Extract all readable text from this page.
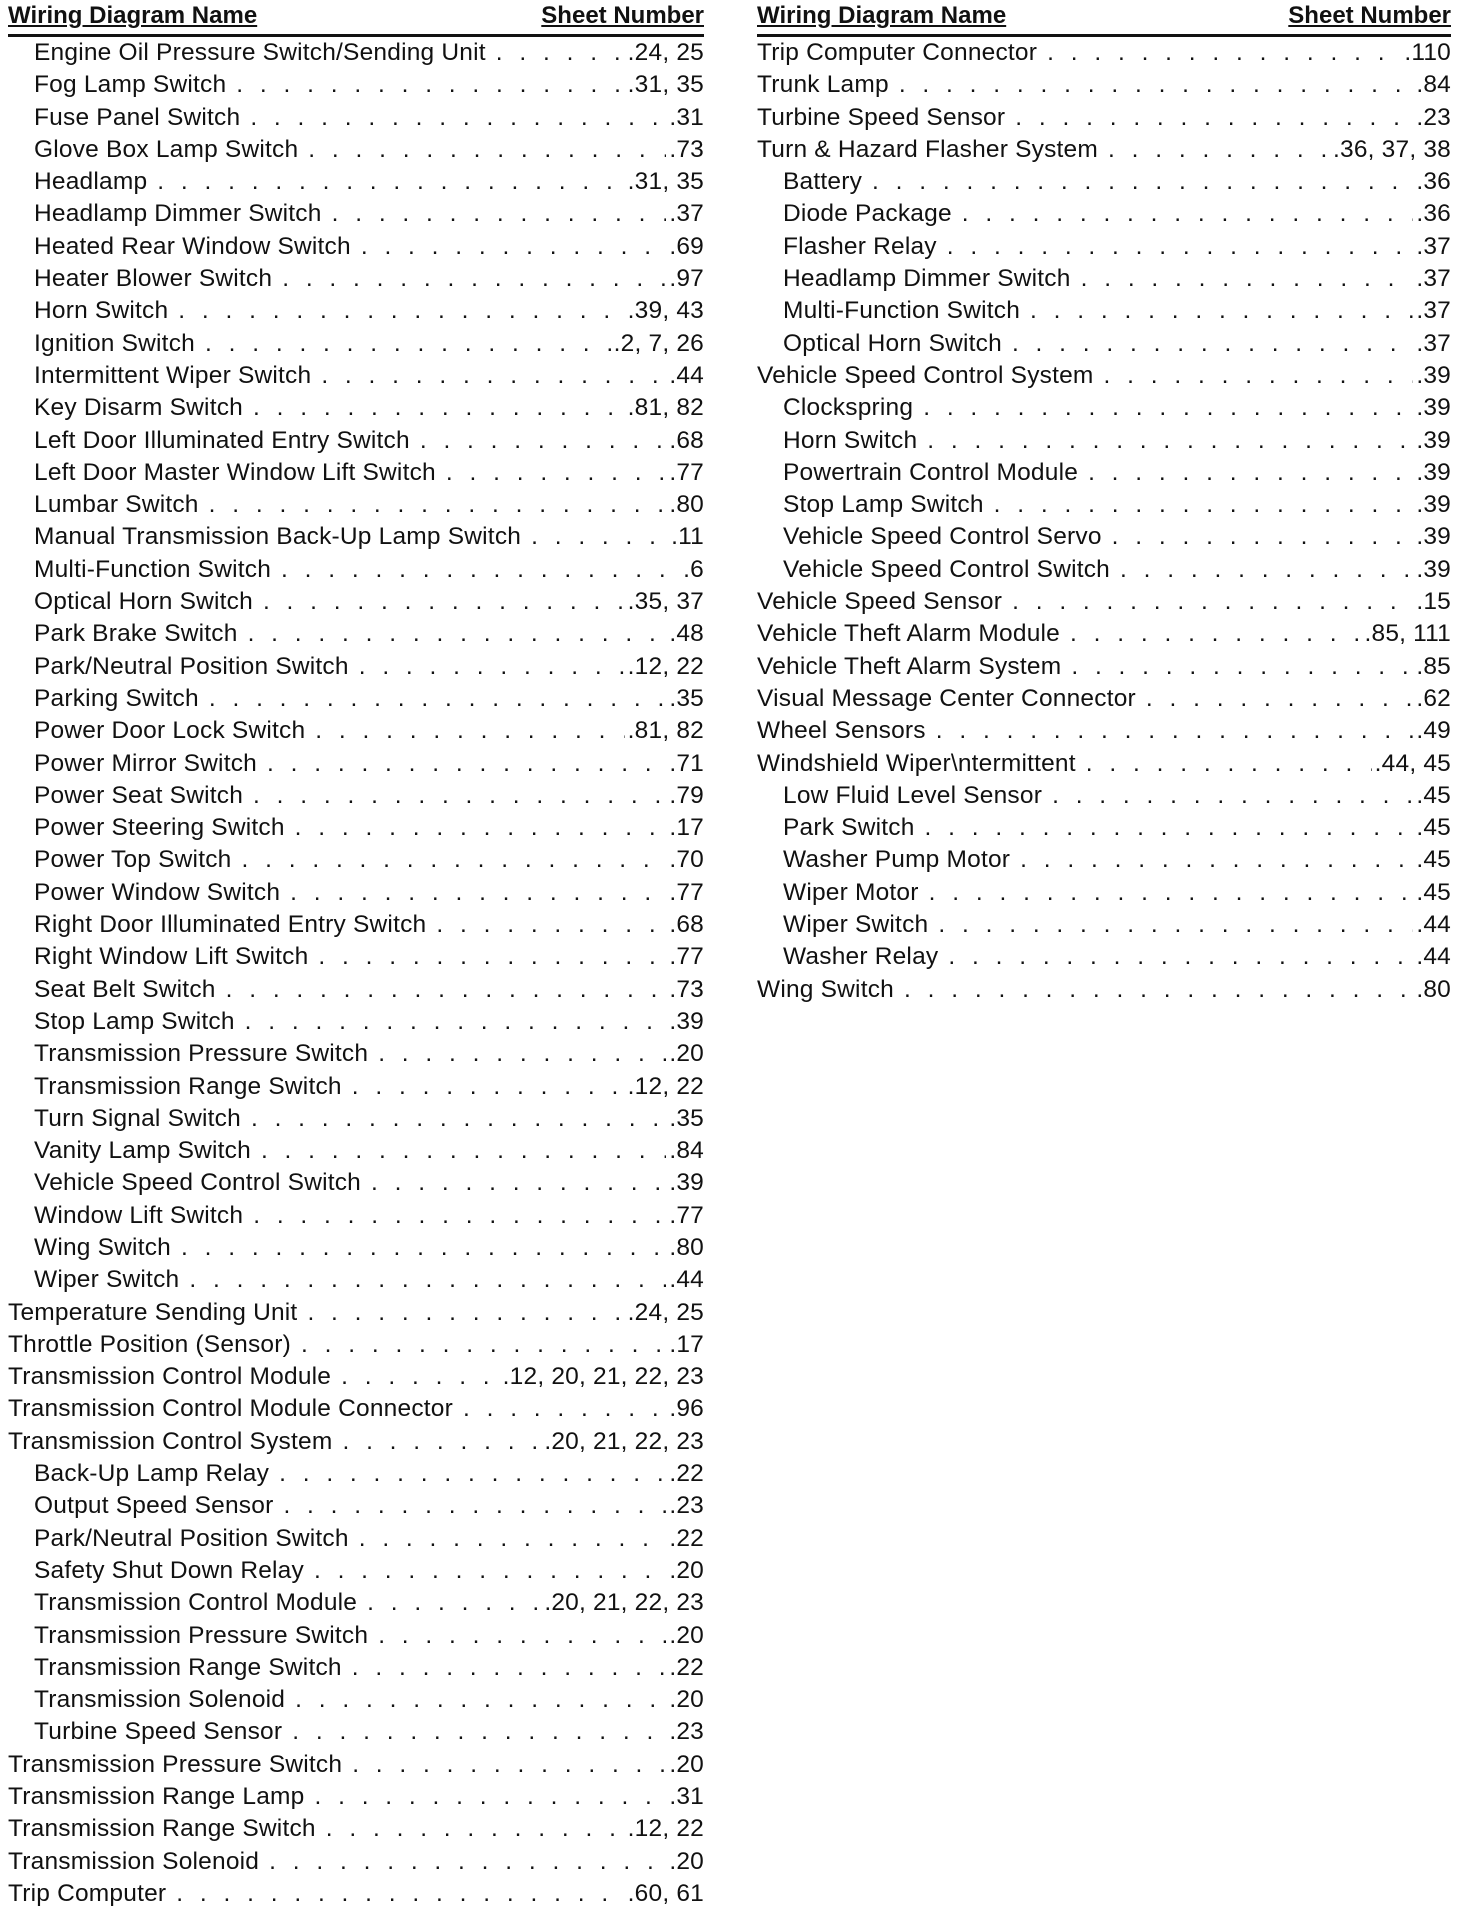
Wiring Diagram Name	Sheet Number
Engine Oil Pressure Switch/Sending Unit . . .	.24, 25
Fog Lamp Switch . . .	.31, 35
Fuse Panel Switch . . .	.31
Glove Box Lamp Switch . . .	.73
Headlamp . . .	.31, 35
Headlamp Dimmer Switch . . .	.37
Heated Rear Window Switch . . .	.69
Heater Blower Switch . . .	.97
Horn Switch . . .	.39, 43
Ignition Switch . . .	.2, 7, 26
Intermittent Wiper Switch . . .	.44
Key Disarm Switch . . .	.81, 82
Left Door Illuminated Entry Switch . . .	.68
Left Door Master Window Lift Switch . . .	.77
Lumbar Switch . . .	.80
Manual Transmission Back-Up Lamp Switch . . .	.11
Multi-Function Switch . . .	.6
Optical Horn Switch . . .	.35, 37
Park Brake Switch . . .	.48
Park/Neutral Position Switch . . .	.12, 22
Parking Switch . . .	.35
Power Door Lock Switch . . .	.81, 82
Power Mirror Switch . . .	.71
Power Seat Switch . . .	.79
Power Steering Switch . . .	.17
Power Top Switch . . .	.70
Power Window Switch . . .	.77
Right Door Illuminated Entry Switch . . .	.68
Right Window Lift Switch . . .	.77
Seat Belt Switch . . .	.73
Stop Lamp Switch . . .	.39
Transmission Pressure Switch . . .	.20
Transmission Range Switch . . .	.12, 22
Turn Signal Switch . . .	.35
Vanity Lamp Switch . . .	.84
Vehicle Speed Control Switch . . .	.39
Window Lift Switch . . .	.77
Wing Switch . . .	.80
Wiper Switch . . .	.44
Temperature Sending Unit . . .	.24, 25
Throttle Position (Sensor) . . .	.17
Transmission Control Module . . .	.12, 20, 21, 22, 23
Transmission Control Module Connector . . .	.96
Transmission Control System . . .	.20, 21, 22, 23
Back-Up Lamp Relay . . .	.22
Output Speed Sensor . . .	.23
Park/Neutral Position Switch . . .	.22
Safety Shut Down Relay . . .	.20
Transmission Control Module . . .	.20, 21, 22, 23
Transmission Pressure Switch . . .	.20
Transmission Range Switch . . .	.22
Transmission Solenoid . . .	.20
Turbine Speed Sensor . . .	.23
Transmission Pressure Switch . . .	.20
Transmission Range Lamp . . .	.31
Transmission Range Switch . . .	.12, 22
Transmission Solenoid . . .	.20
Trip Computer . . .	.60, 61
Wiring Diagram Name	Sheet Number
Trip Computer Connector . . .	.110
Trunk Lamp . . .	.84
Turbine Speed Sensor . . .	.23
Turn & Hazard Flasher System . . .	.36, 37, 38
Battery . . .	.36
Diode Package . . .	.36
Flasher Relay . . .	.37
Headlamp Dimmer Switch . . .	.37
Multi-Function Switch . . .	.37
Optical Horn Switch . . .	.37
Vehicle Speed Control System . . .	.39
Clockspring . . .	.39
Horn Switch . . .	.39
Powertrain Control Module . . .	.39
Stop Lamp Switch . . .	.39
Vehicle Speed Control Servo . . .	.39
Vehicle Speed Control Switch . . .	.39
Vehicle Speed Sensor . . .	.15
Vehicle Theft Alarm Module . . .	.85, 111
Vehicle Theft Alarm System . . .	.85
Visual Message Center Connector . . .	.62
Wheel Sensors . . .	.49
Windshield Wiper\ntermittent . . .	.44, 45
Low Fluid Level Sensor . . .	.45
Park Switch . . .	.45
Washer Pump Motor . . .	.45
Wiper Motor . . .	.45
Wiper Switch . . .	.44
Washer Relay . . .	.44
Wing Switch . . .	.80
